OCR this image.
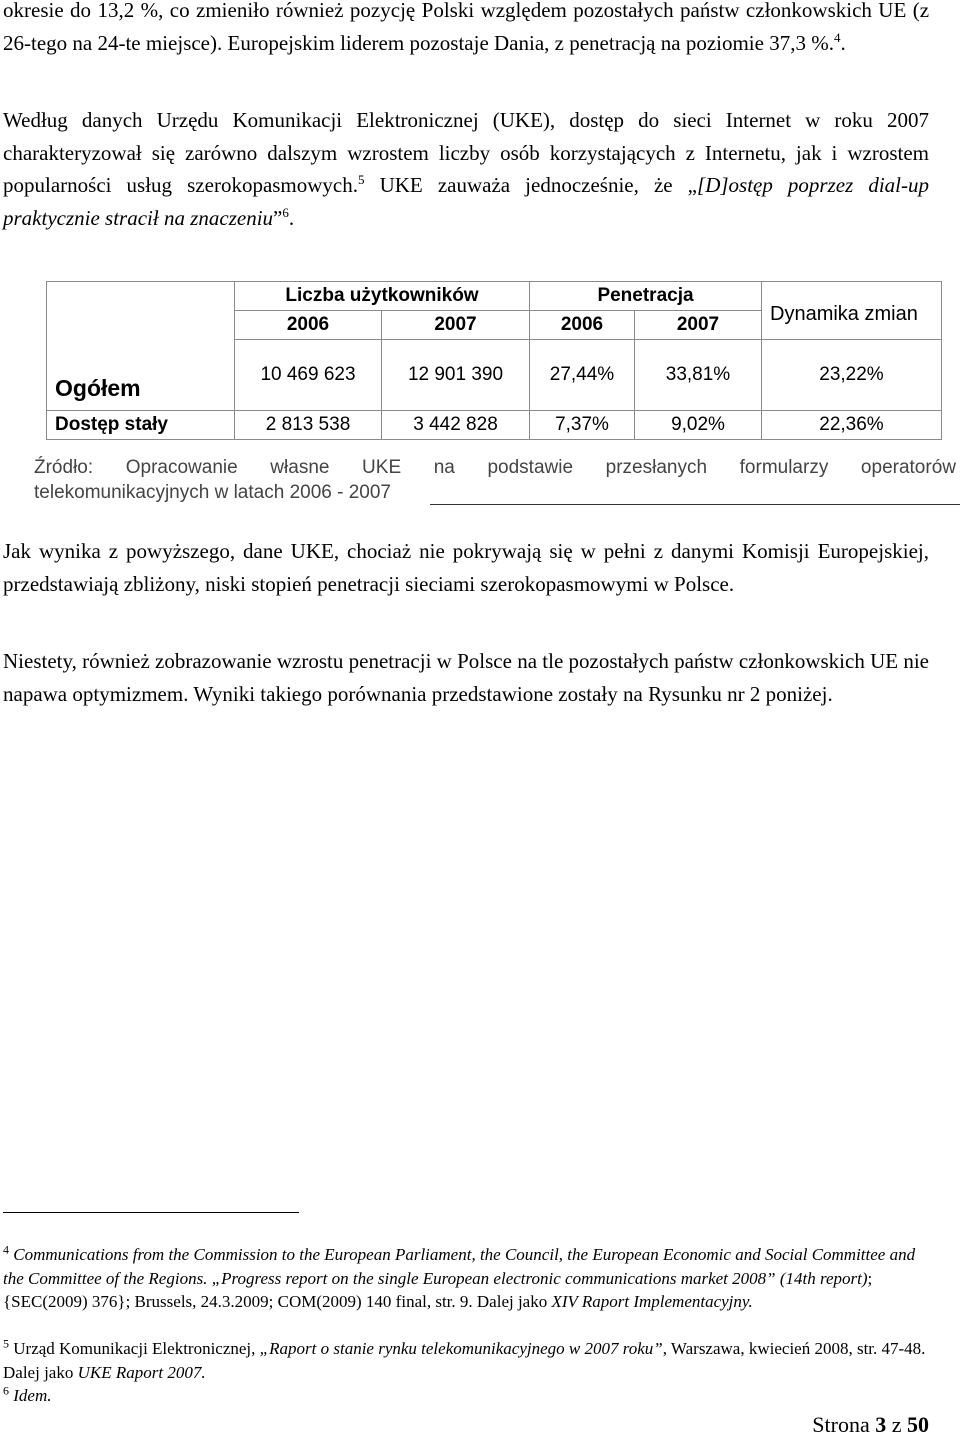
okresie do 13,2 %, co zmieniło również pozycję Polski względem pozostałych państw członkowskich UE (z 26-tego na 24-te miejsce). Europejskim liderem pozostaje Dania, z penetracją na poziomie 37,3 %.$^4$.

Według danych Urzędu Komunikacji Elektronicznej (UKE), dostęp do sieci Internet w roku 2007 charakteryzował się zarówno dalszym wzrostem liczby osób korzystających z Internetu, jak i wzrostem popularności usług szerokopasmowych.$^5$ UKE zauważa jednocześnie, że „[D]ostęp poprzez dial-up praktycznie stracił na znaczeniu”$^6$.

	Liczba użytkowników		Penetracja		Dynamika zmian
	2006	2007	2006	2007	
Ogółem	10 469 623	12 901 390	27,44%	33,81%	23,22%
Dostęp stały	2 813 538	3 442 828	7,37%	9,02%	22,36%
Źródło: Opracowanie własne UKE na podstawie przesłanych formularzy operatorów
telekomunikacyjnych w latach 2006 - 2007

Jak wynika z powyższego, dane UKE, chociaż nie pokrywają się w pełni z danymi Komisji Europejskiej, przedstawiają zbliżony, niski stopień penetracji sieciami szerokopasmowymi w Polsce.

Niestety, również zobrazowanie wzrostu penetracji w Polsce na tle pozostałych państw członkowskich UE nie napawa optymizmem. Wyniki takiego porównania przedstawione zostały na Rysunku nr 2 poniżej.

$^4$ Communications from the Commission to the European Parliament, the Council, the European Economic and Social Committee and the Committee of the Regions. „Progress report on the single European electronic communications market 2008” (14th report); {SEC(2009) 376}; Brussels, 24.3.2009; COM(2009) 140 final, str. 9. Dalej jako XIV Raport Implementacyjny.

$^5$ Urząd Komunikacji Elektronicznej, „Raport o stanie rynku telekomunikacyjnego w 2007 roku”, Warszawa, kwiecień 2008, str. 47-48. Dalej jako UKE Raport 2007.

$^6$ Idem.

Strona 3 z 50
